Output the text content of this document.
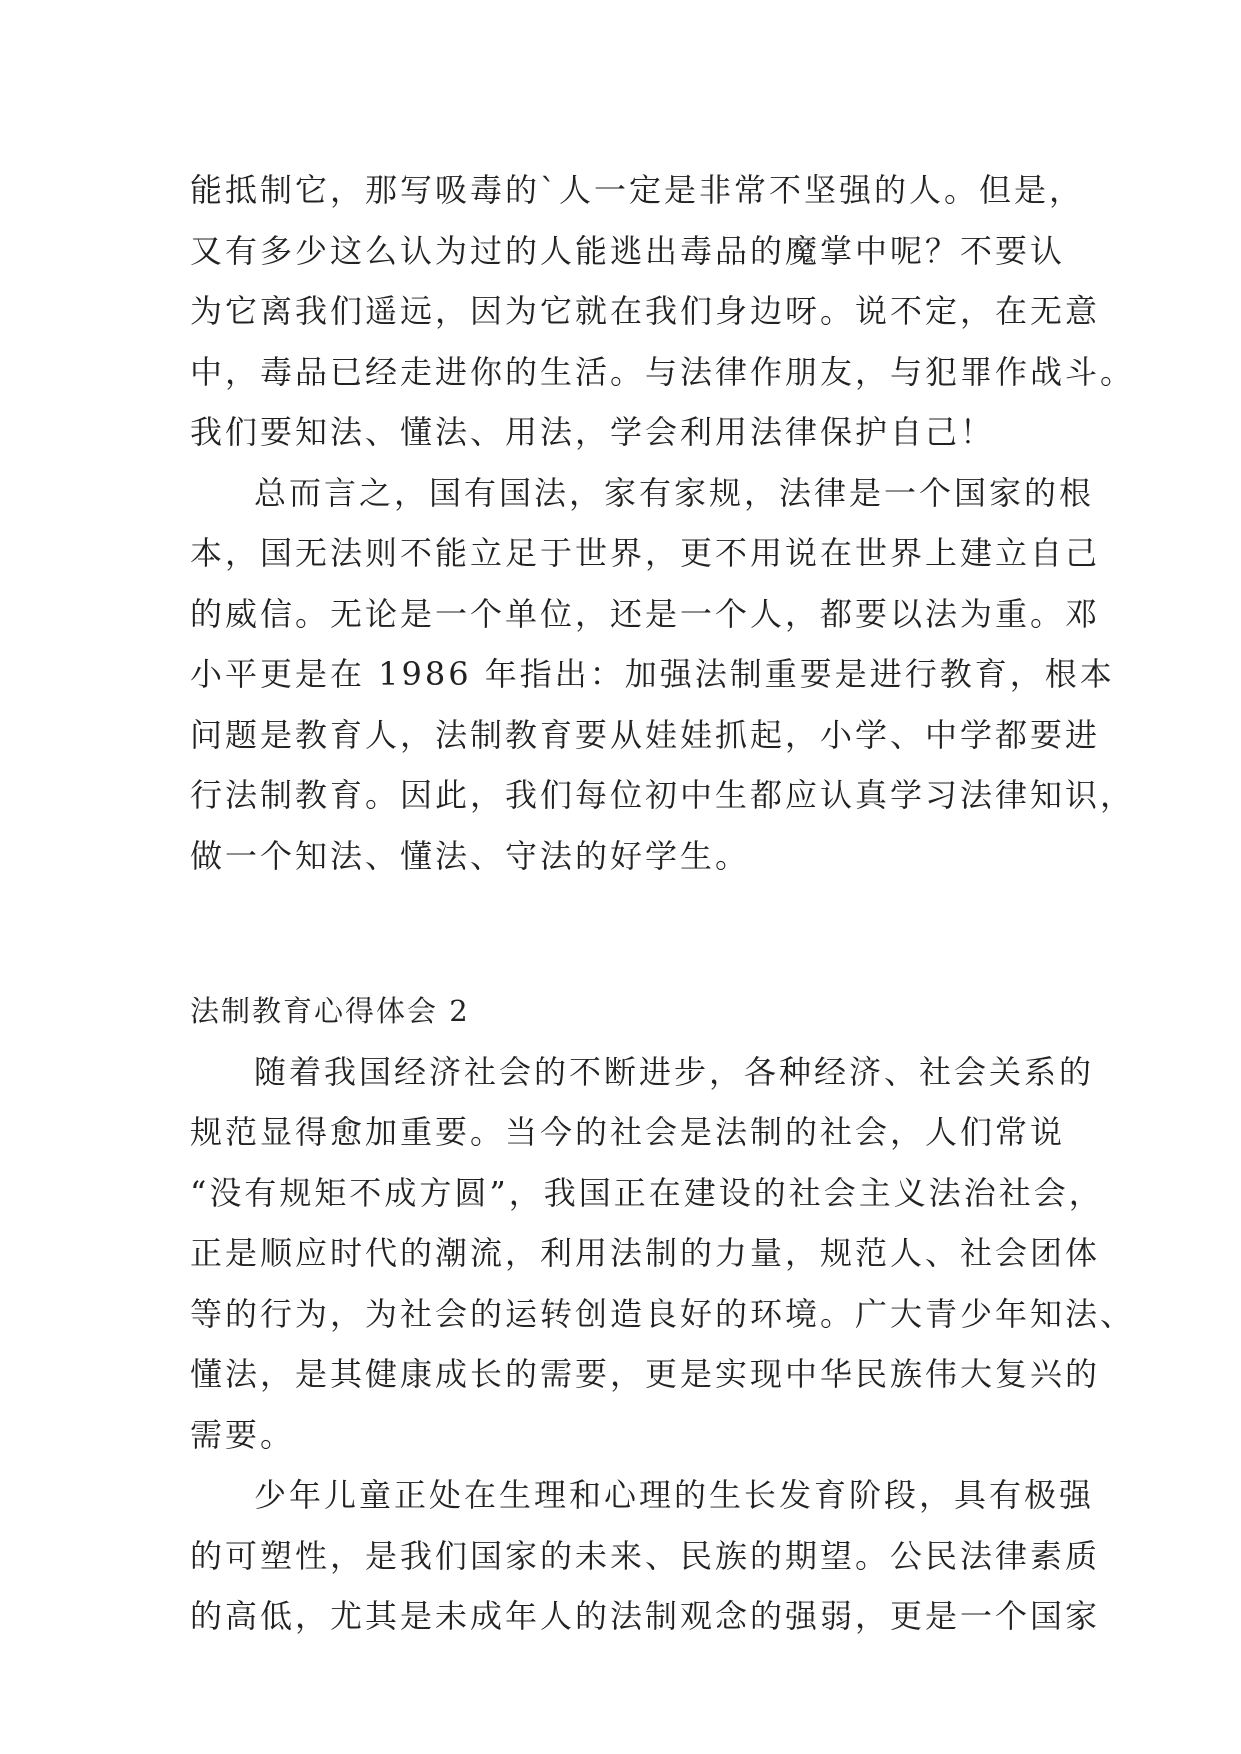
能抵制它，那写吸毒的`人一定是非常不坚强的人。但是，
又有多少这么认为过的人能逃出毒品的魔掌中呢？不要认
为它离我们遥远，因为它就在我们身边呀。说不定，在无意
中，毒品已经走进你的生活。与法律作朋友，与犯罪作战斗。
我们要知法、懂法、用法，学会利用法律保护自己！
总而言之，国有国法，家有家规，法律是一个国家的根
本，国无法则不能立足于世界，更不用说在世界上建立自己
的威信。无论是一个单位，还是一个人，都要以法为重。邓
小平更是在 1986 年指出：加强法制重要是进行教育，根本
问题是教育人，法制教育要从娃娃抓起，小学、中学都要进
行法制教育。因此，我们每位初中生都应认真学习法律知识，
做一个知法、懂法、守法的好学生。
法制教育心得体会 2
随着我国经济社会的不断进步，各种经济、社会关系的
规范显得愈加重要。当今的社会是法制的社会，人们常说
“没有规矩不成方圆”，我国正在建设的社会主义法治社会，
正是顺应时代的潮流，利用法制的力量，规范人、社会团体
等的行为，为社会的运转创造良好的环境。广大青少年知法、
懂法，是其健康成长的需要，更是实现中华民族伟大复兴的
需要。
少年儿童正处在生理和心理的生长发育阶段，具有极强
的可塑性，是我们国家的未来、民族的期望。公民法律素质
的高低，尤其是未成年人的法制观念的强弱，更是一个国家
